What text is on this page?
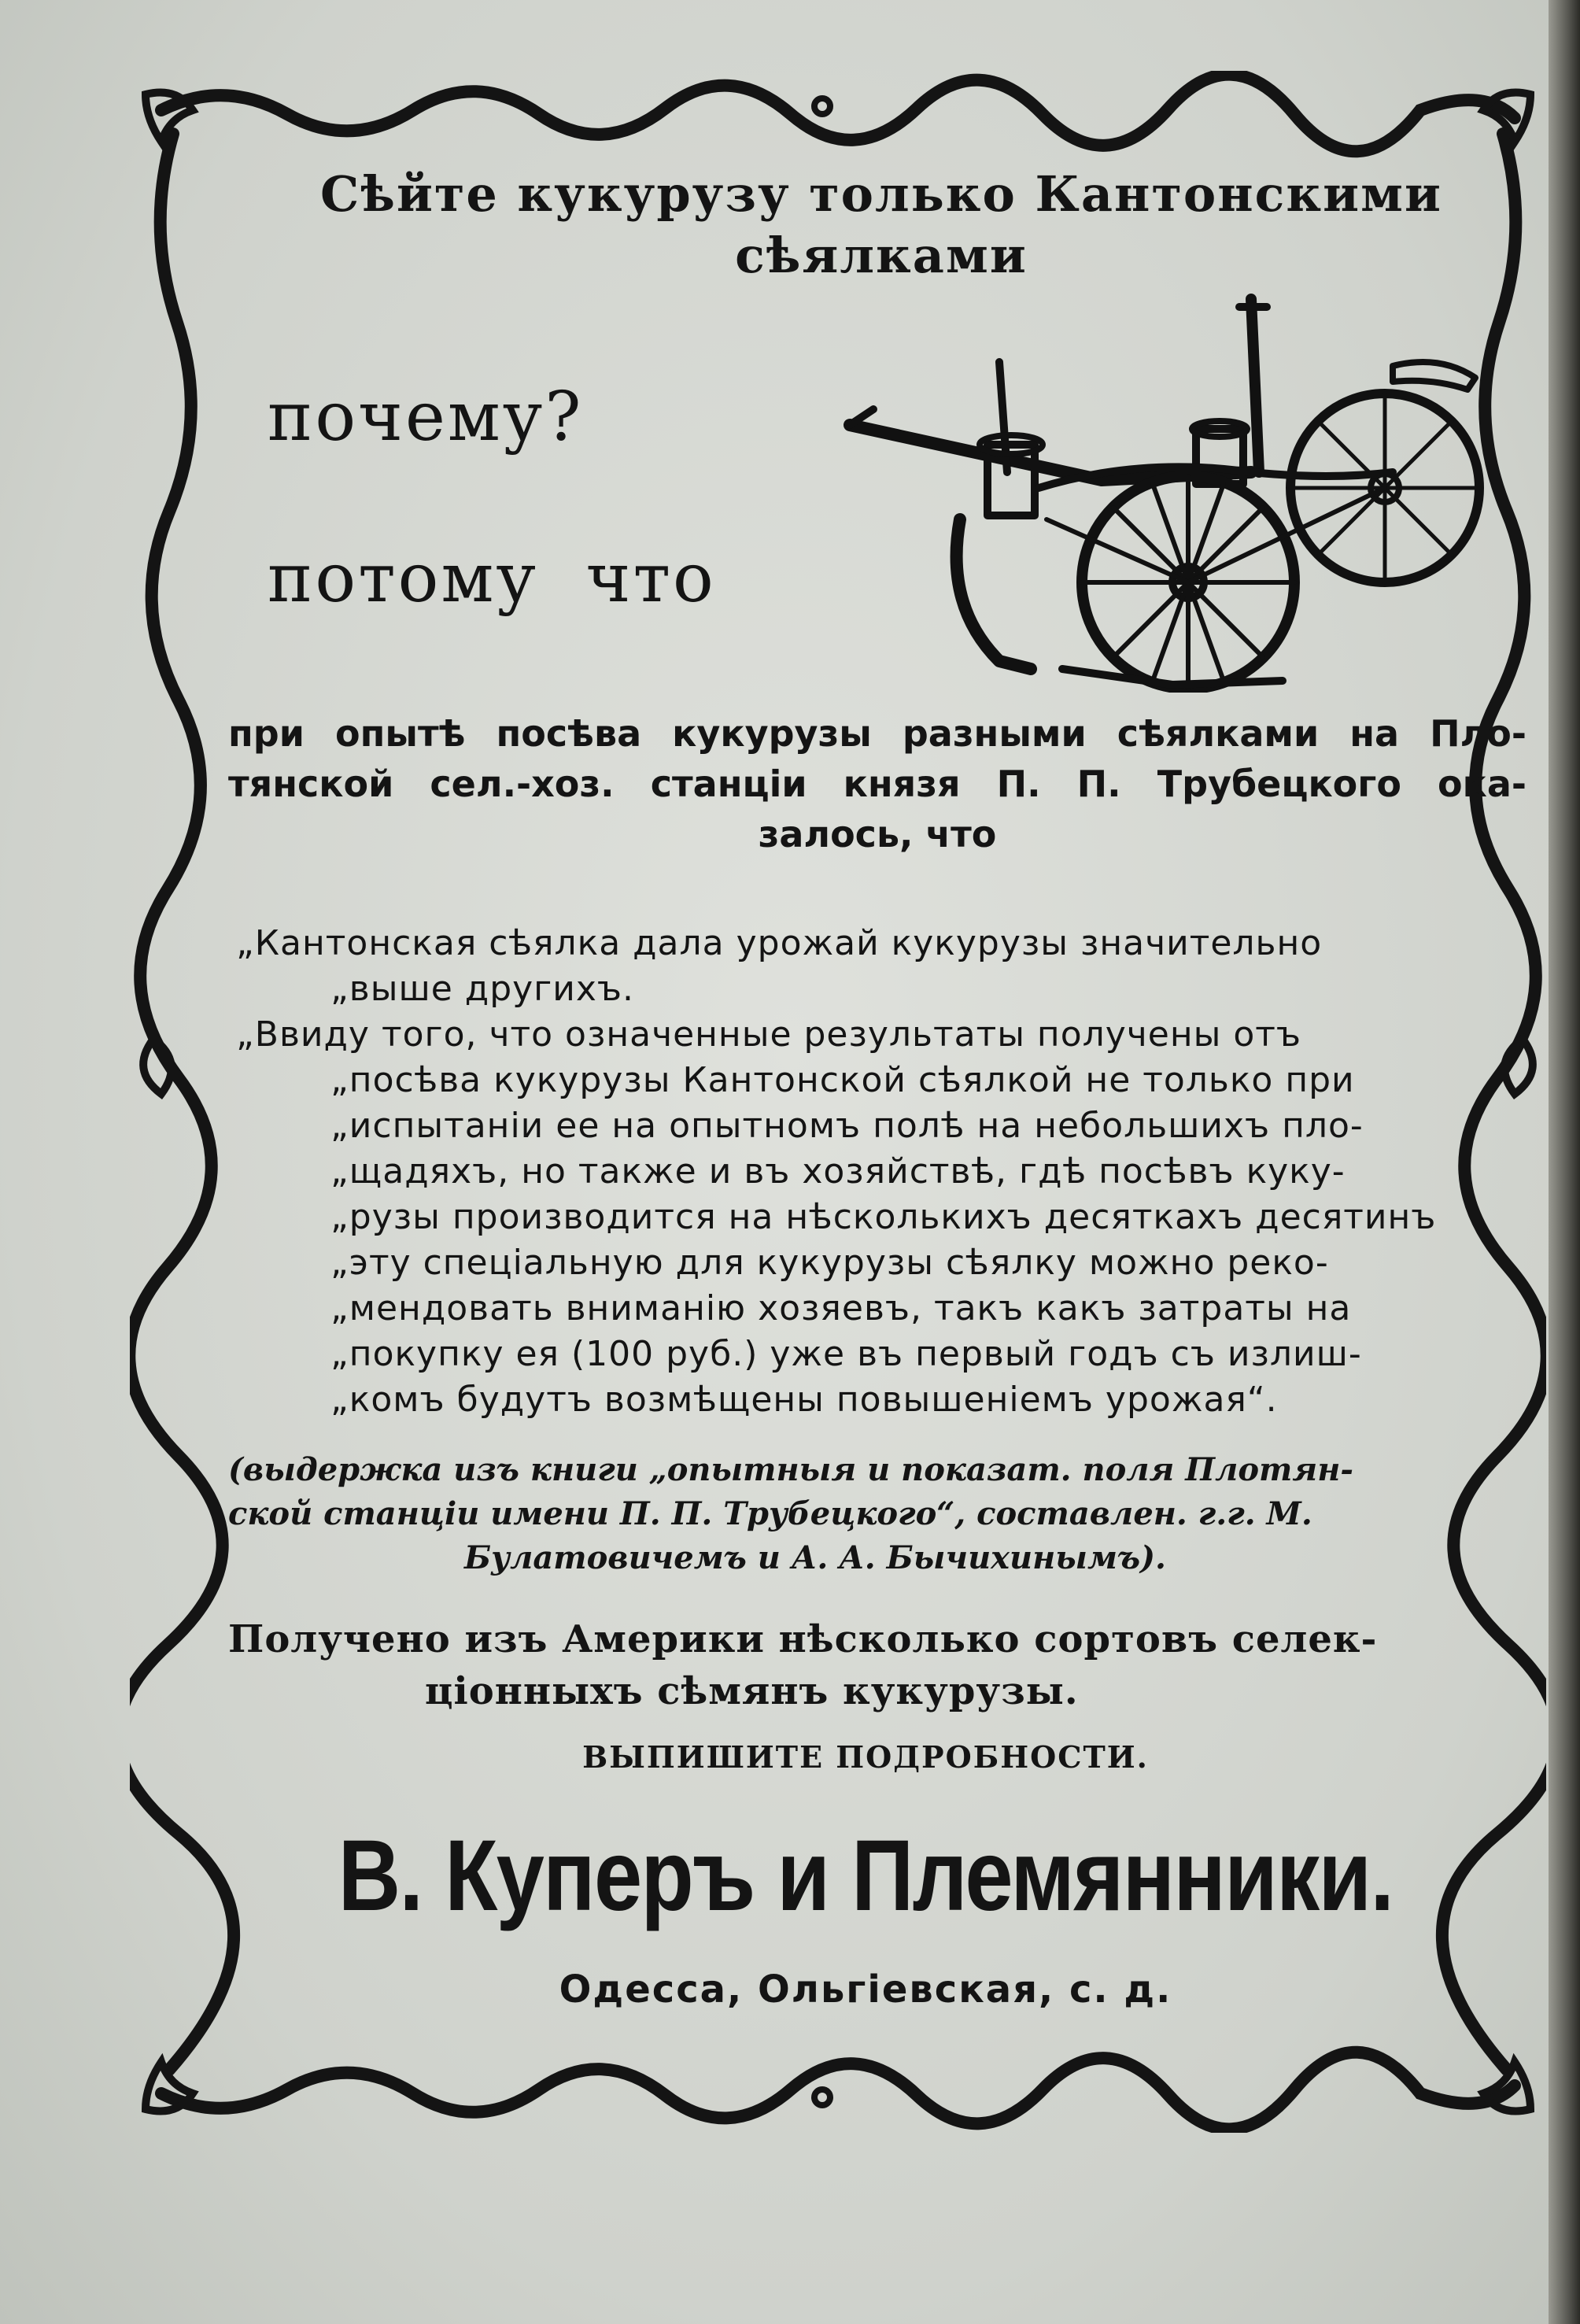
Сѣйте кукурузу только Кантонскими
сѣялками
почему?
потому  что
при опытѣ посѣва кукурузы разными сѣялками на Пло-
тянской сел.-хоз. станціи князя П. П. Трубецкого ока-
залось, что
„Кантонская сѣялка дала урожай кукурузы значительно
„выше другихъ.
„Ввиду того, что означенные результаты получены отъ
„посѣва кукурузы Кантонской сѣялкой не только при
„испытаніи ее на опытномъ полѣ на небольшихъ пло-
„щадяхъ, но также и въ хозяйствѣ, гдѣ посѣвъ куку-
„рузы производится на нѣсколькихъ десяткахъ десятинъ
„эту спеціальную для кукурузы сѣялку можно реко-
„мендовать вниманію хозяевъ, такъ какъ затраты на
„покупку ея (100 руб.) уже въ первый годъ съ излиш-
„комъ будутъ возмѣщены повышеніемъ урожая“.
(выдержка изъ книги „опытныя и показат. поля Плотян-
ской станціи имени П. П. Трубецкого“, составлен. г.г. М.
Булатовичемъ и А. А. Бычихинымъ).
Получено изъ Америки нѣсколько сортовъ селек-
ціонныхъ сѣмянъ кукурузы.
ВЫПИШИТЕ ПОДРОБНОСТИ.
В. Куперъ и Племянники.
Одесса, Ольгіевская, с. д.
